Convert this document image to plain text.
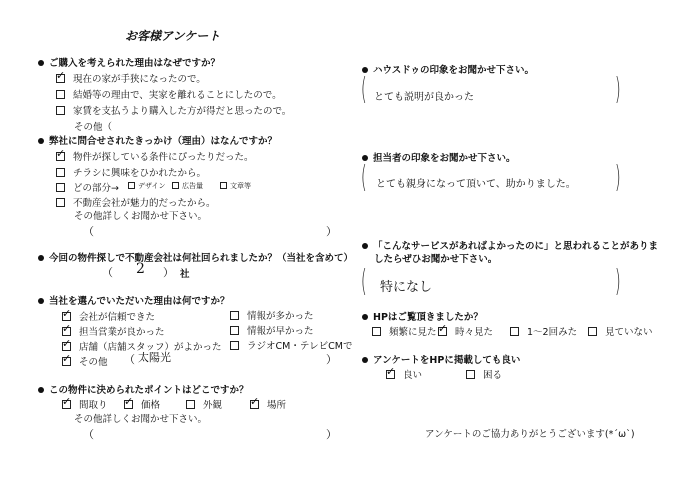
お客様アンケート
ご購入を考えられた理由はなぜですか？
✓現在の家が手狭になったので。
結婚等の理由で、実家を離れることにしたので。
家賃を支払うより購入した方が得だと思ったので。
その他（
弊社に問合せされたきっかけ（理由）はなんですか？
✓物件が探している条件にぴったりだった。
チラシに興味をひかれたから。
どの部分→	デザイン	広告量	文章等
不動産会社が魅力的だったから。
その他詳しくお聞かせ下さい。
（	）
今回の物件探しで不動産会社は何社回られましたか？（当社を含めて）
（ 2 ） 社
当社を選んでいただいた理由は何ですか？
✓会社が信頼できた
✓担当営業が良かった
✓店舗（店舗スタッフ）がよかった
✓その他 （ 太陽光	）
情報が多かった
情報が早かった
ラジオCM・テレビCMで
この物件に決められたポイントはどこですか？
✓間取り ✓	価格	外観 ✓	場所
その他詳しくお聞かせ下さい。
（	）
ハウスドゥの印象をお聞かせ下さい。
( とても説明が良かった	)
担当者の印象をお聞かせ下さい。
( とても親身になって頂いて、助かりました。 )
「こんなサービスがあればよかったのに」と思われることがありま
したらぜひお聞かせ下さい。
( 特になし	)
HPはご覧頂きましたか？
頻繁に見た ✓	時々見た	1～2回みた	見ていない
アンケートをHPに掲載しても良い
✓良い	困る
アンケートのご協力ありがとうございます(*´ω`)
